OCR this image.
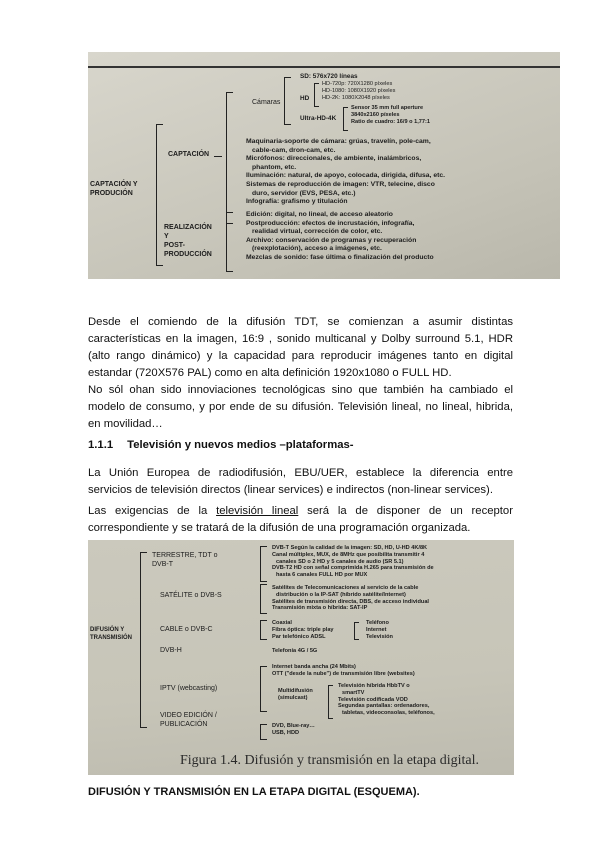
CAPTACIÓN Y PRODUCIÓN
CAPTACIÓN
Cámaras
SD: 576x720 líneas
HD
HD-720p: 720X1280 píxeles
HD-1080: 1080X1920 píxeles
HD-2K: 1080X2048 píxeles
Ultra-HD-4K
Sensor 35 mm full aperture
3840x2160 píxeles
Ratio de cuadro: 16/9 o 1,77:1
Maquinaria-soporte de cámara: grúas, travelín, pole-cam,
cable-cam, dron-cam, etc.
Micrófonos: direccionales, de ambiente, inalámbricos,
phantom, etc.
Iluminación: natural, de apoyo, colocada, dirigida, difusa, etc.
Sistemas de reproducción de imagen: VTR, telecine, disco
duro, servidor (EVS, PESA, etc.)
Infografía: grafismo y titulación
REALIZACIÓN
Y
POST-
PRODUCCIÓN
Edición: digital, no lineal, de acceso aleatorio
Postproducción: efectos de incrustación, infografía,
realidad virtual, corrección de color, etc.
Archivo: conservación de programas y recuperación
(reexplotación), acceso a imágenes, etc.
Mezclas de sonido: fase última o finalización del producto

Desde el comiendo de la difusión TDT, se comienzan a asumir distintas características en la imagen, 16:9 , sonido multicanal y Dolby surround 5.1, HDR (alto rango dinámico) y la capacidad para reproducir imágenes tanto en digital estandar (720X576 PAL) como en alta definición 1920x1080 o FULL HD.

No sól ohan sido innoviaciones tecnológicas sino que también ha cambiado el modelo de consumo, y por ende de su difusión. Televisión lineal, no lineal, hibrida, en movilidad…

1.1.1 Televisión y nuevos medios –plataformas-

La Unión Europea de radiodifusión, EBU/UER, establece la diferencia entre servicios de televisión directos (linear services) e indirectos (non-linear services).

Las exigencias de la televisión lineal será la de disponer de un receptor correspondiente y se tratará de la difusión de una programación organizada.

DIFUSIÓN Y TRANSMISIÓN
TERRESTRE, TDT o DVB-T
SATÉLITE o DVB-S
CABLE o DVB-C
DVB-H
IPTV (webcasting)
VIDEO EDICIÓN / PUBLICACIÓN
DVB-T Según la calidad de la imagen: SD, HD, U-HD 4K/8K
Canal múltiplex, MUX, de 8MHz que posibilita transmitir 4
canales SD o 2 HD y 5 canales de audio (SR 5.1)
DVB-T2 HD con señal comprimida H.265 para transmisión de
hasta 6 canales FULL HD por MUX
Satélites de Telecomunicaciones al servicio de la cable
distribución o la IP-SAT (híbrido satélite/Internet)
Satélites de transmisión directa, DBS, de acceso individual
Transmisión mixta o híbrida: SAT-IP
Coaxial
Fibra óptica: triple play
Par telefónico ADSL
Teléfono
Internet
Televisión
Telefonía 4G / 5G
Internet banda ancha (24 Mbits)
OTT ("desde la nube") de transmisión libre (websites)
Multidifusión
(simulcast)
Televisión híbrida HbbTV o
smartTV
Televisión codificada VOD
Segundas pantallas: ordenadores,
tabletas, videoconsolas, teléfonos,
DVD, Blue-ray…
USB, HDD
Figura 1.4. Difusión y transmisión en la etapa digital.
DIFUSIÓN Y TRANSMISIÓN EN LA ETAPA DIGITAL (ESQUEMA).
